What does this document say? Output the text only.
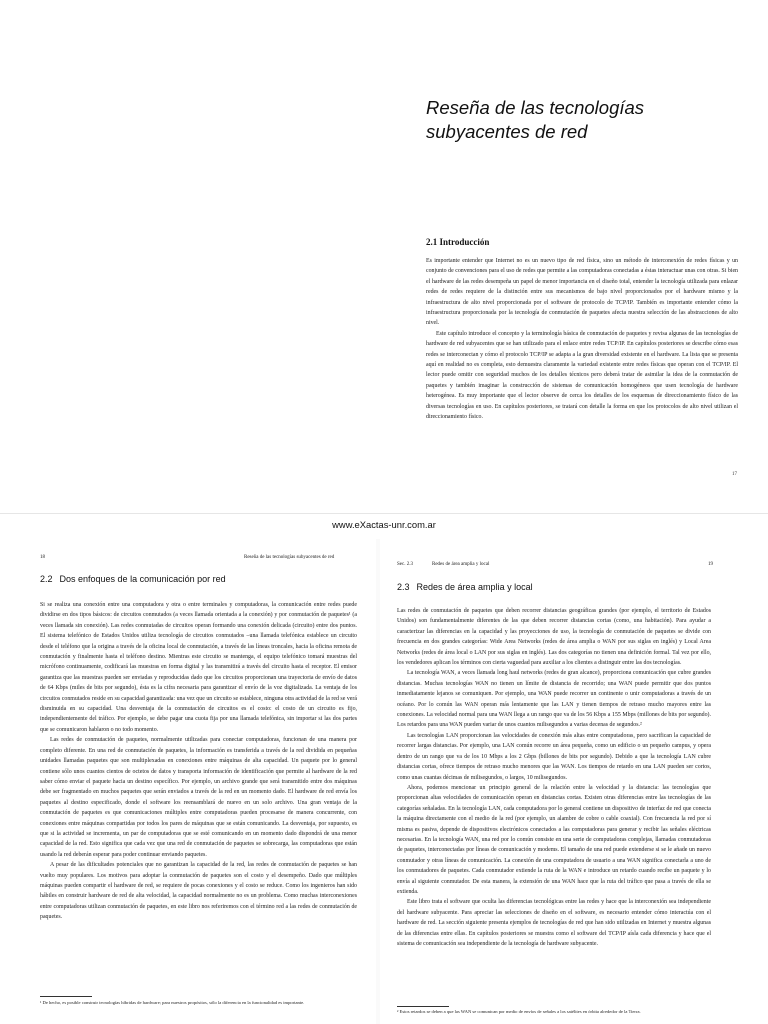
Reseña de las tecnologías subyacentes de red
2.1 Introducción

Es importante entender que Internet no es un nuevo tipo de red física, sino un método de interconexión de redes físicas y un conjunto de convenciones para el uso de redes que permite a las computadoras conectadas a éstas interactuar unas con otras. Si bien el hardware de las redes desempeña un papel de menor importancia en el diseño total, entender la tecnología utilizada para enlazar redes de redes requiere de la distinción entre sus mecanismos de bajo nivel proporcionados por el hardware mismo y la infraestructura de alto nivel proporcionada por el software de protocolo de TCP/IP. También es importante entender cómo la infraestructura proporcionada por la tecnología de conmutación de paquetes afecta nuestra selección de las abstracciones de alto nivel.

Este capítulo introduce el concepto y la terminología básica de conmutación de paquetes y revisa algunas de las tecnologías de hardware de red subyacentes que se han utilizado para el enlace entre redes TCP/IP. En capítulos posteriores se describe cómo esas redes se interconectan y cómo el protocolo TCP/IP se adapta a la gran diversidad existente en el hardware. La lista que se presenta aquí en realidad no es completa, esto demuestra claramente la variedad existente entre redes físicas que operan con el TCP/IP. El lector puede omitir con seguridad muchos de los detalles técnicos pero deberá tratar de asimilar la idea de la conmutación de paquetes y también imaginar la construcción de sistemas de comunicación homogéneos que usen tecnología de hardware heterogénea. Es muy importante que el lector observe de cerca los detalles de los esquemas de direccionamiento físico de las diversas tecnologías en uso. En capítulos posteriores, se tratará con detalle la forma en que los protocolos de alto nivel utilizan el direccionamiento físico.

17
www.eXactas-unr.com.ar
18	Reseña de las tecnologías subyacentes de red
2.2 Dos enfoques de la comunicación por red

Si se realiza una conexión entre una computadora y otra o entre terminales y computadoras, la comunicación entre redes puede dividirse en dos tipos básicos: de circuitos conmutados (a veces llamada orientada a la conexión) y por conmutación de paquetes¹ (a veces llamada sin conexión). Las redes conmutadas de circuitos operan formando una conexión delicada (circuito) entre dos puntos. El sistema telefónico de Estados Unidos utiliza tecnología de circuitos conmutados –una llamada telefónica establece un circuito desde el teléfono que la origina a través de la oficina local de conmutación, a través de las líneas troncales, hacia la oficina remota de conmutación y finalmente hasta el teléfono destino. Mientras este circuito se mantenga, el equipo telefónico tomará muestras del micrófono continuamente, codificará las muestras en forma digital y las transmitirá a través del circuito hasta el receptor. El emisor garantiza que las muestras pueden ser enviadas y reproducidas dado que los circuitos proporcionan una trayectoria de envío de datos de 64 Kbps (miles de bits por segundo), ésta es la cifra necesaria para garantizar el envío de la voz digitalizada. La ventaja de los circuitos conmutados reside en su capacidad garantizada: una vez que un circuito se establece, ninguna otra actividad de la red se verá disminuida en su capacidad. Una desventaja de la conmutación de circuitos es el costo: el costo de un circuito es fijo, independientemente del tráfico. Por ejemplo, se debe pagar una cuota fija por una llamada telefónica, sin importar si las dos partes que se comunicaron hablaron o no todo momento.

Las redes de conmutación de paquetes, normalmente utilizadas para conectar computadoras, funcionan de una manera por completo diferente. En una red de conmutación de paquetes, la información es transferida a través de la red dividida en pequeñas unidades llamadas paquetes que son multiplexadas en conexiones entre máquinas de alta capacidad. Un paquete por lo general contiene sólo unos cuantos cientos de octetos de datos y transporta información de identificación que permite al hardware de la red saber cómo enviar el paquete hacia un destino específico. Por ejemplo, un archivo grande que será transmitido entre dos máquinas debe ser fragmentado en muchos paquetes que serán enviados a través de la red en un momento dado. El hardware de red envía los paquetes al destino especificado, donde el software los reensamblará de nuevo en un solo archivo. Una gran ventaja de la conmutación de paquetes es que comunicaciones múltiples entre computadoras pueden procesarse de manera concurrente, con conexiones entre máquinas compartidas por todos los pares de máquinas que se están comunicando. La desventaja, por supuesto, es que si la actividad se incrementa, un par de computadoras que se esté comunicando en un momento dado dispondrá de una menor capacidad de la red. Esto significa que cada vez que una red de conmutación de paquetes se sobrecarga, las computadoras que están usando la red deberán esperar para poder continuar enviando paquetes.

A pesar de las dificultades potenciales que no garantizan la capacidad de la red, las redes de conmutación de paquetes se han vuelto muy populares. Los motivos para adoptar la conmutación de paquetes son el costo y el desempeño. Dado que múltiples máquinas pueden compartir el hardware de red, se requiere de pocas conexiones y el costo se reduce. Como los ingenieros han sido hábiles en construir hardware de red de alta velocidad, la capacidad normalmente no es un problema. Como muchas interconexiones entre computadoras utilizan conmutación de paquetes, en este libro nos referiremos con el término red a las redes de conmutación de paquetes.

¹ De hecho, es posible construir tecnologías híbridas de hardware; para nuestros propósitos, sólo la diferencia en la funcionalidad es importante.

Sec. 2.3	Redes de área amplia y local	19
2.3 Redes de área amplia y local

Las redes de conmutación de paquetes que deben recorrer distancias geográficas grandes (por ejemplo, el territorio de Estados Unidos) son fundamentalmente diferentes de las que deben recorrer distancias cortas (como, una habitación). Para ayudar a caracterizar las diferencias en la capacidad y las proyecciones de uso, la tecnología de conmutación de paquetes se divide con frecuencia en dos grandes categorías: Wide Area Networks (redes de área amplia o WAN por sus siglas en inglés) y Local Area Networks (redes de área local o LAN por sus siglas en inglés). Las dos categorías no tienen una definición formal. Tal vez por ello, los vendedores aplican los términos con cierta vaguedad para auxiliar a los clientes a distinguir entre las dos tecnologías.

La tecnología WAN, a veces llamada long haul networks (redes de gran alcance), proporciona comunicación que cubre grandes distancias. Muchas tecnologías WAN no tienen un límite de distancia de recorrido; una WAN puede permitir que dos puntos inmediatamente lejanos se comuniquen. Por ejemplo, una WAN puede recorrer un continente o unir computadoras a través de un océano. Por lo común las WAN operan más lentamente que las LAN y tienen tiempos de retraso mucho mayores entre las conexiones. La velocidad normal para una WAN llega a un rango que va de los 56 Kbps a 155 Mbps (millones de bits por segundo). Los retardos para una WAN pueden variar de unos cuantos milisegundos a varias decenas de segundos.²

Las tecnologías LAN proporcionan las velocidades de conexión más altas entre computadoras, pero sacrifican la capacidad de recorrer largas distancias. Por ejemplo, una LAN común recorre un área pequeña, como un edificio o un pequeño campus, y opera dentro de un rango que va de los 10 Mbps a los 2 Gbps (billones de bits por segundo). Debido a que la tecnología LAN cubre distancias cortas, ofrece tiempos de retraso mucho menores que las WAN. Los tiempos de retardo en una LAN pueden ser cortos, como unas cuantas décimas de milisegundos, o largos, 10 milisegundos.

Ahora, podemos mencionar un principio general de la relación entre la velocidad y la distancia: las tecnologías que proporcionan altas velocidades de comunicación operan en distancias cortas. Existen otras diferencias entre las tecnologías de las categorías señaladas. En la tecnología LAN, cada computadora por lo general contiene un dispositivo de interfaz de red que conecta la máquina directamente con el medio de la red (por ejemplo, un alambre de cobre o cable coaxial). Con frecuencia la red por sí misma es pasiva, depende de dispositivos electrónicos conectados a las computadoras para generar y recibir las señales eléctricas necesarias. En la tecnología WAN, una red por lo común consiste en una serie de computadoras complejas, llamadas conmutadoras de paquetes, interconectadas por líneas de comunicación y modems. El tamaño de una red puede extenderse si se le añade un nuevo conmutador y otras líneas de comunicación. La conexión de una computadora de usuario a una WAN significa conectarla a uno de los conmutadores de paquetes. Cada conmutador extiende la ruta de la WAN e introduce un retardo cuando recibe un paquete y lo envía al siguiente conmutador. De esta manera, la extensión de una WAN hace que la ruta del tráfico que pasa a través de ella se extienda.

Este libro trata el software que oculta las diferencias tecnológicas entre las redes y hace que la interconexión sea independiente del hardware subyacente. Para apreciar las selecciones de diseño en el software, es necesario entender cómo interactúa con el hardware de red. La sección siguiente presenta ejemplos de tecnologías de red que han sido utilizadas en Internet y muestra algunas de las diferencias entre ellas. En capítulos posteriores se muestra como el software del TCP/IP aísla cada diferencia y hace que el sistema de comunicación sea independiente de la tecnología de hardware subyacente.

² Estos retardos se deben a que las WAN se comunican por medio de envíos de señales a los satélites en órbita alrededor de la Tierra.
